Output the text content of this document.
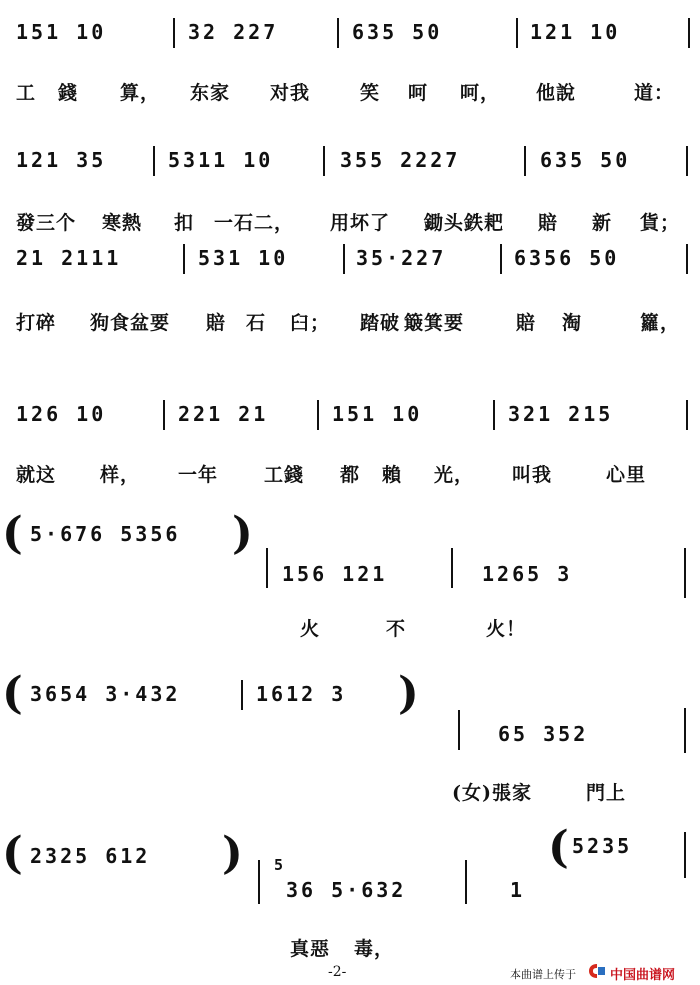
151 10	32 227	635 50	121 10
工 錢 算， 东家 对我	笑 呵 呵， 他說	道：
121 35	5311 10	355 2227	635 50
發三个 寒熱 扣 一石二， 用坏了 鋤头鉄耙 賠 新 貨；
21 2111	531 10	35·227	6356 50
打碎 狗食盆要 賠 石 臼； 踏破 簸箕要	賠 淘	籮，
126 10	221 21	151 10	321 215
就这 样， 一年 工錢 都 賴 光， 叫我	心里
( 5·676 5356 )
156 121	1265 3
火	不	火！
( 3654 3·432	1612 3 )
65 352
(女)張家	門上
( 2325 612 ) 5
36 5·632	1
( 5235
真惡 毒，
-2-	本曲谱上传于	中国曲谱网
